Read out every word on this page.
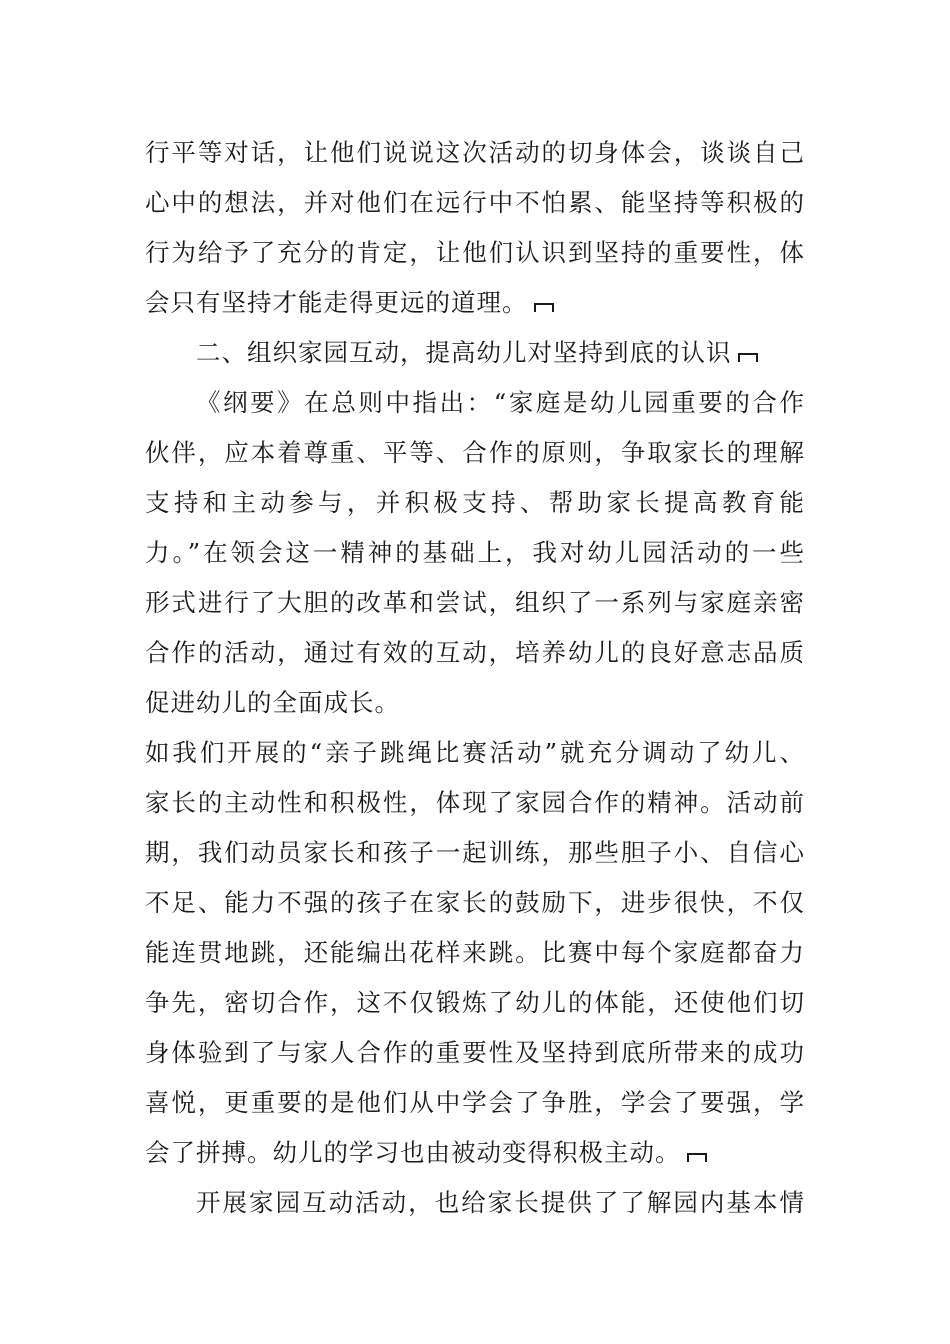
行平等对话，让他们说说这次活动的切身体会，谈谈自己
心中的想法，并对他们在远行中不怕累、能坚持等积极的
行为给予了充分的肯定，让他们认识到坚持的重要性，体
会只有坚持才能走得更远的道理。
二、组织家园互动，提高幼儿对坚持到底的认识
《纲要》在总则中指出：“家庭是幼儿园重要的合作
伙伴，应本着尊重、平等、合作的原则，争取家长的理解
支持和主动参与，并积极支持、帮助家长提高教育能
力。”在领会这一精神的基础上，我对幼儿园活动的一些
形式进行了大胆的改革和尝试，组织了一系列与家庭亲密
合作的活动，通过有效的互动，培养幼儿的良好意志品质
促进幼儿的全面成长。
如我们开展的“亲子跳绳比赛活动”就充分调动了幼儿、
家长的主动性和积极性，体现了家园合作的精神。活动前
期，我们动员家长和孩子一起训练，那些胆子小、自信心
不足、能力不强的孩子在家长的鼓励下，进步很快，不仅
能连贯地跳，还能编出花样来跳。比赛中每个家庭都奋力
争先，密切合作，这不仅锻炼了幼儿的体能，还使他们切
身体验到了与家人合作的重要性及坚持到底所带来的成功
喜悦，更重要的是他们从中学会了争胜，学会了要强，学
会了拼搏。幼儿的学习也由被动变得积极主动。
开展家园互动活动，也给家长提供了了解园内基本情
